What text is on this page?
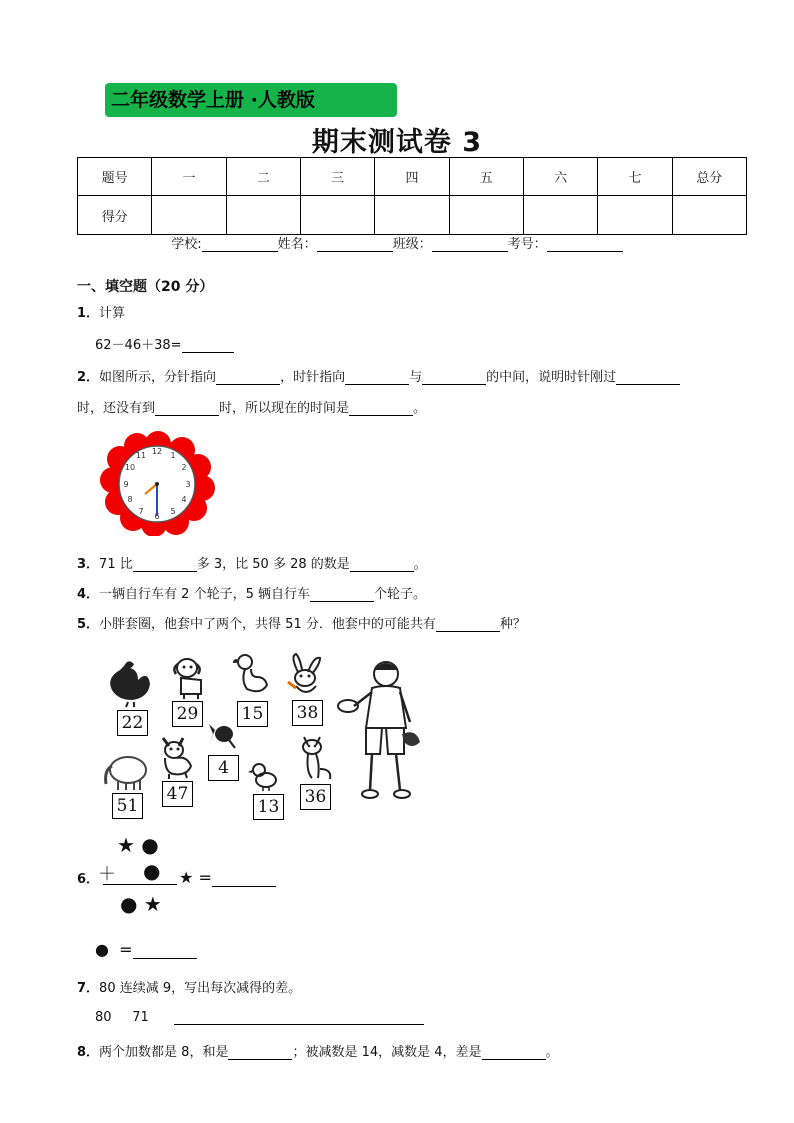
二年级数学上册 ·人教版
期末测试卷 3
题号	一	二	三	四	五	六	七	总分
得分								
学校:	姓名：	班级：	考号：
一、填空题（20 分）
1．计算
62－46＋38=
2．如图所示，分针指向	，时针指向	与	的中间，说明时针刚过
时，还没有到	时，所以现在的时间是	。
12 1
2
3
4
5
6
7
8
9
10
11
3．71 比	多 3，比 50 多 28 的数是	。
4．一辆自行车有 2 个轮子，5 辆自行车	个轮子。
5．小胖套圈，他套中了两个，共得 51 分．他套中的可能共有	种？
22 29	15 38
4
51
47
13 36
★ ●
6．
＋ ● ★ =
● ★
● =
7．80 连续减 9，写出每次减得的差。
80 71
8．两个加数都是 8，和是	；被减数是 14，减数是 4，差是	。
